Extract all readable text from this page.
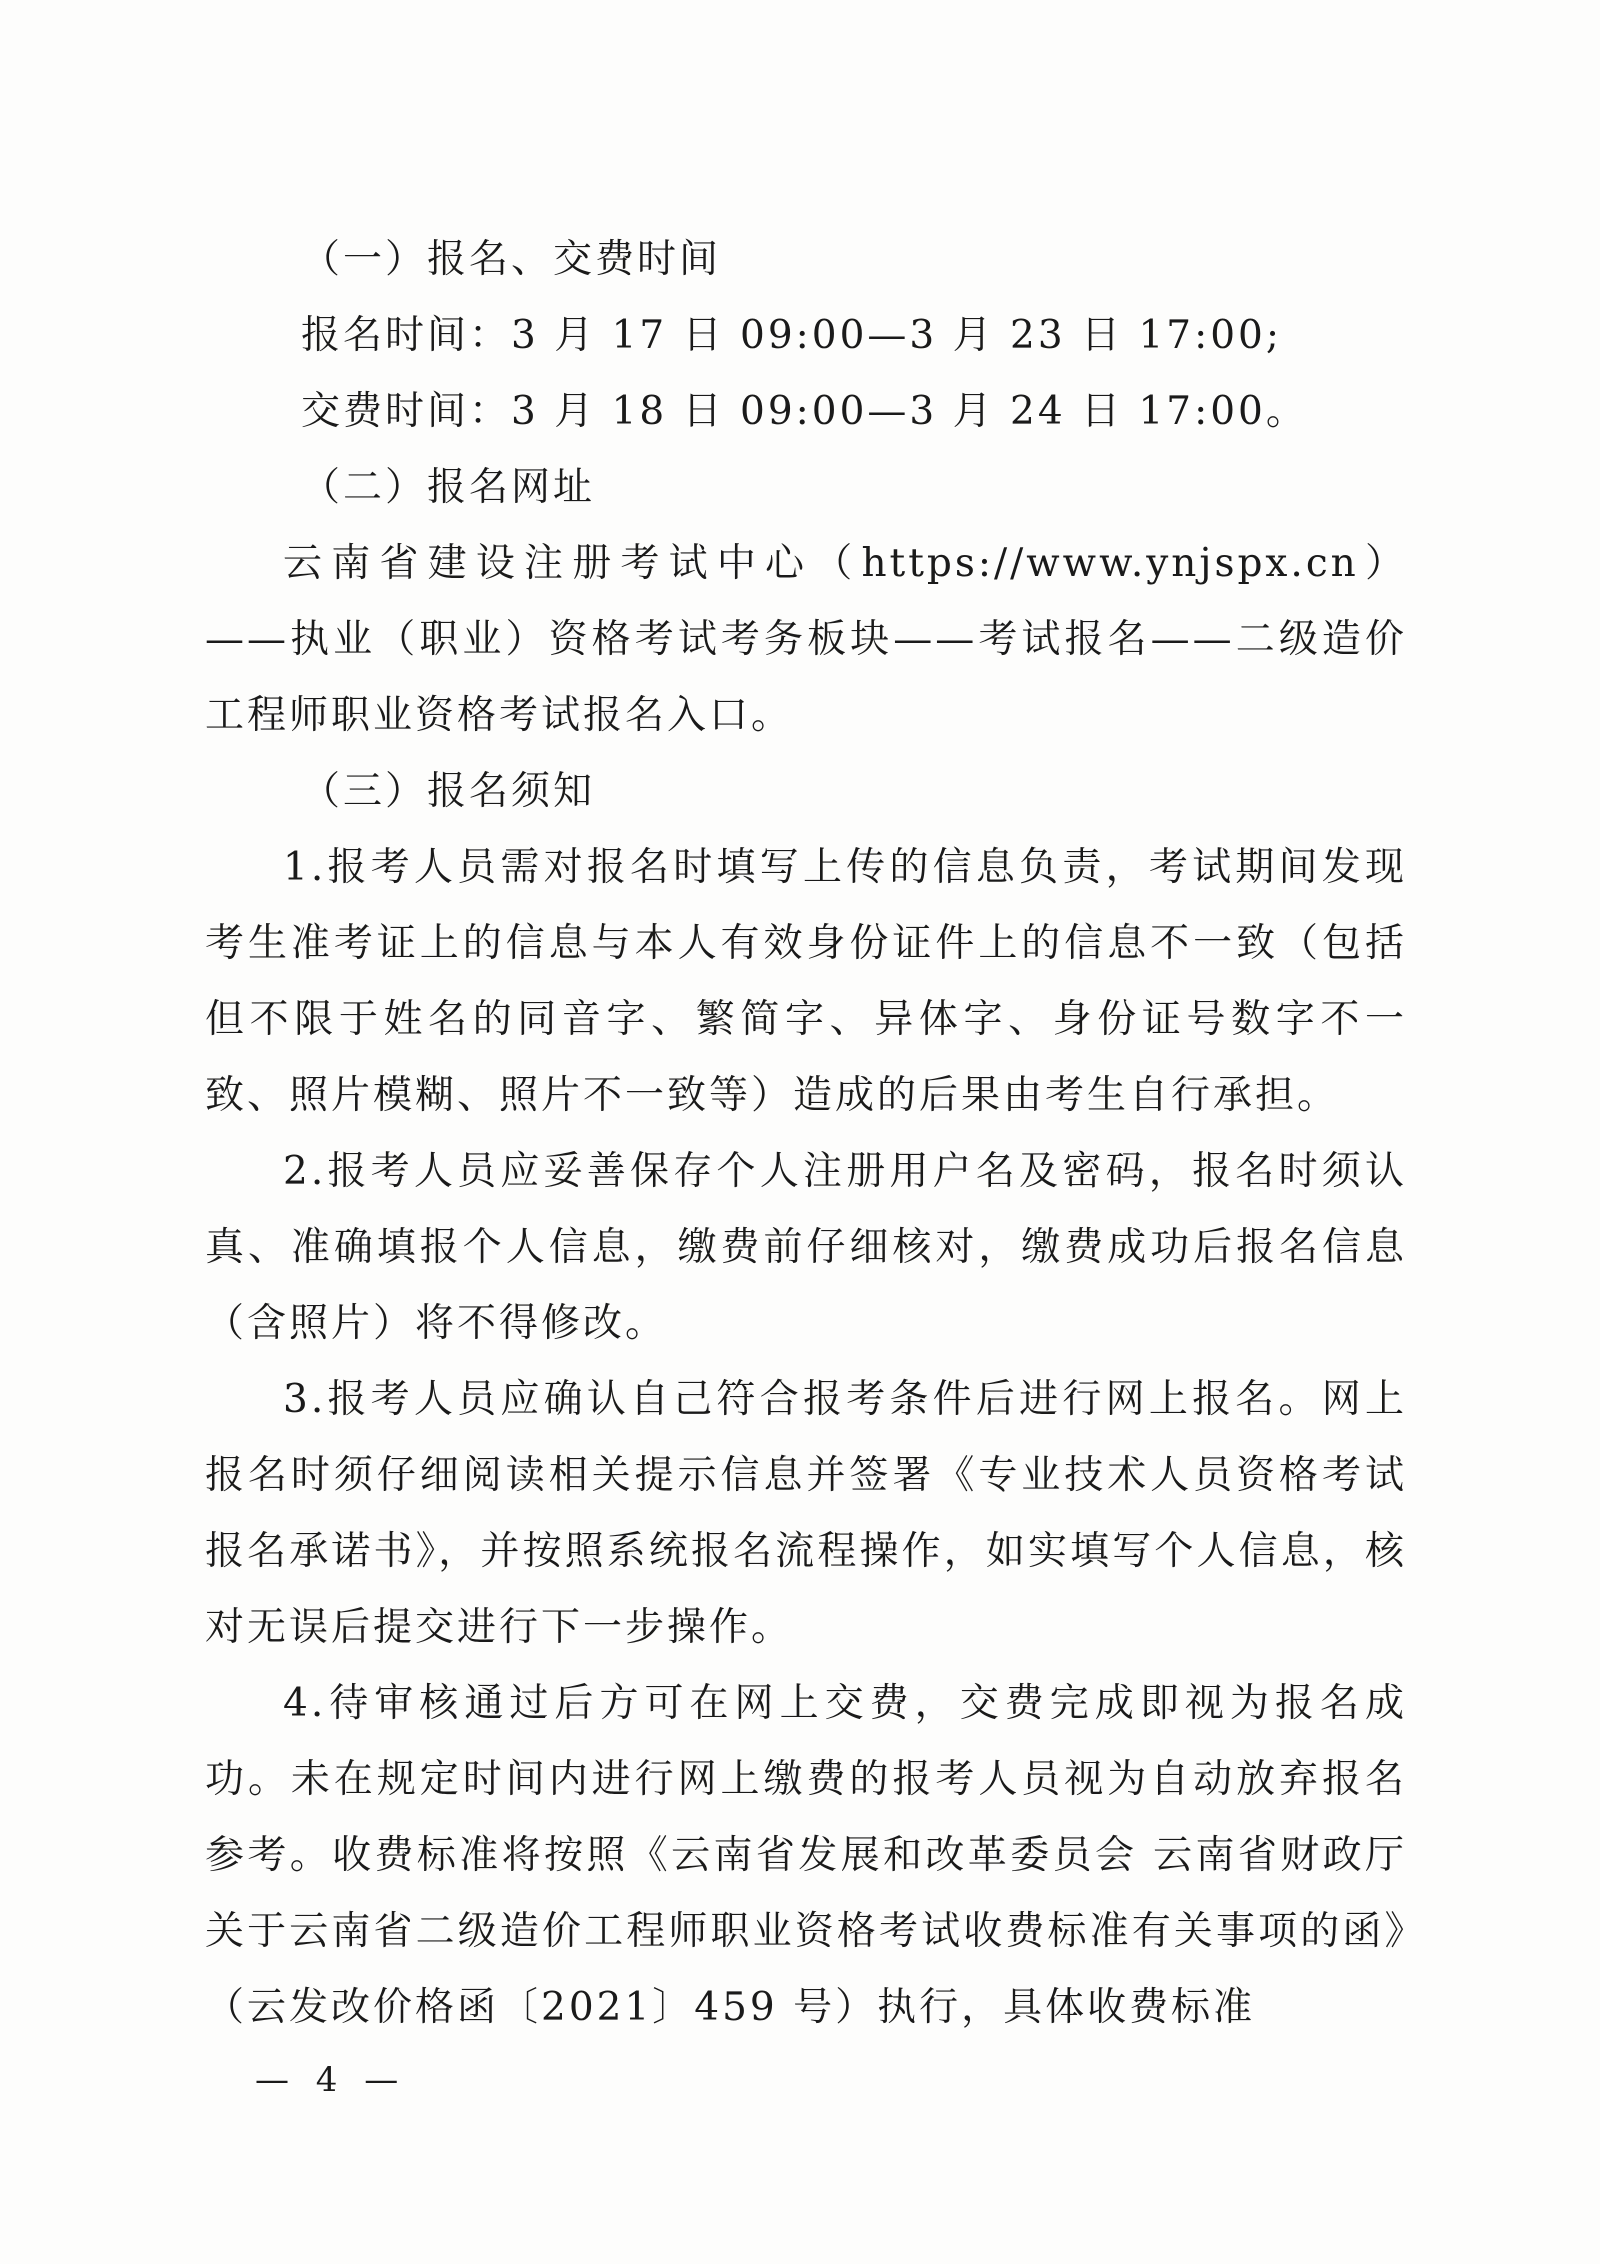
（一）报名、交费时间
报名时间：3 月 17 日 09:00—3 月 23 日 17:00;
交费时间：3 月 18 日 09:00—3 月 24 日 17:00。
（二）报名网址

云南省建设注册考试中心（https://www.ynjspx.cn）——执业（职业）资格考试考务板块——考试报名——二级造价工程师职业资格考试报名入口。

（三）报名须知

1.报考人员需对报名时填写上传的信息负责，考试期间发现考生准考证上的信息与本人有效身份证件上的信息不一致（包括但不限于姓名的同音字、繁简字、异体字、身份证号数字不一致、照片模糊、照片不一致等）造成的后果由考生自行承担。

2.报考人员应妥善保存个人注册用户名及密码，报名时须认真、准确填报个人信息，缴费前仔细核对，缴费成功后报名信息（含照片）将不得修改。

3.报考人员应确认自己符合报考条件后进行网上报名。网上报名时须仔细阅读相关提示信息并签署《专业技术人员资格考试报名承诺书》，并按照系统报名流程操作，如实填写个人信息，核对无误后提交进行下一步操作。

4.待审核通过后方可在网上交费，交费完成即视为报名成功。未在规定时间内进行网上缴费的报考人员视为自动放弃报名参考。收费标准将按照《云南省发展和改革委员会 云南省财政厅关于云南省二级造价工程师职业资格考试收费标准有关事项的函》（云发改价格函〔2021〕459 号）执行，具体收费标准

— 4 —
